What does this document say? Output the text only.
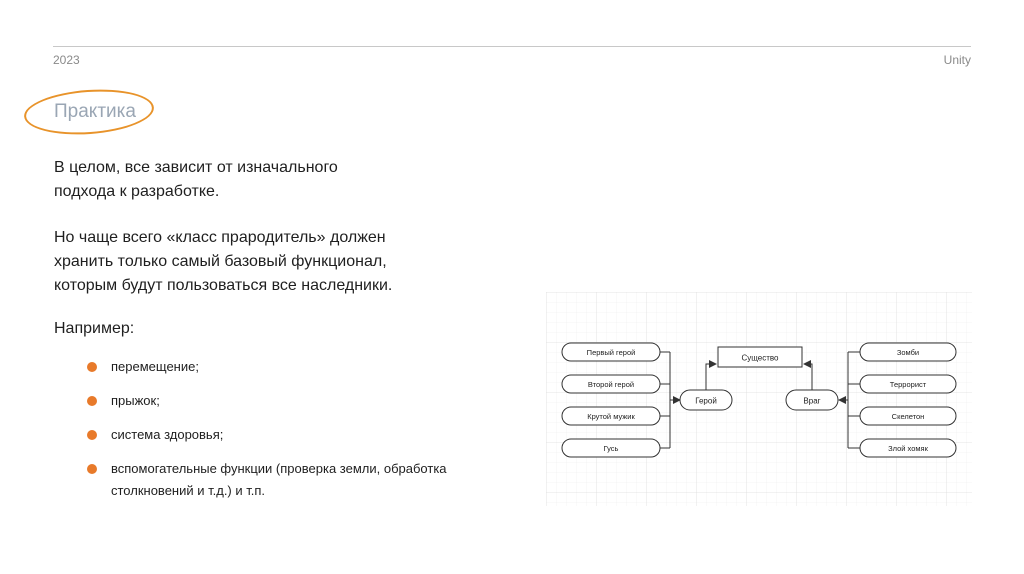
2023	Unity
Практика
В целом, все зависит от изначального
подхода к разработке.
Но чаще всего «класс прародитель» должен
хранить только самый базовый функционал,
которым будут пользоваться все наследники.
Например:
перемещение;
прыжок;
система здоровья;
вспомогательные функции (проверка земли, обработка столкновений и т.д.) и т.п.
Существо
Герой	Враг
Первый герой
Второй герой
Крутой мужик
Гусь
Зомби
Террорист
Скелетон
Злой хомяк
